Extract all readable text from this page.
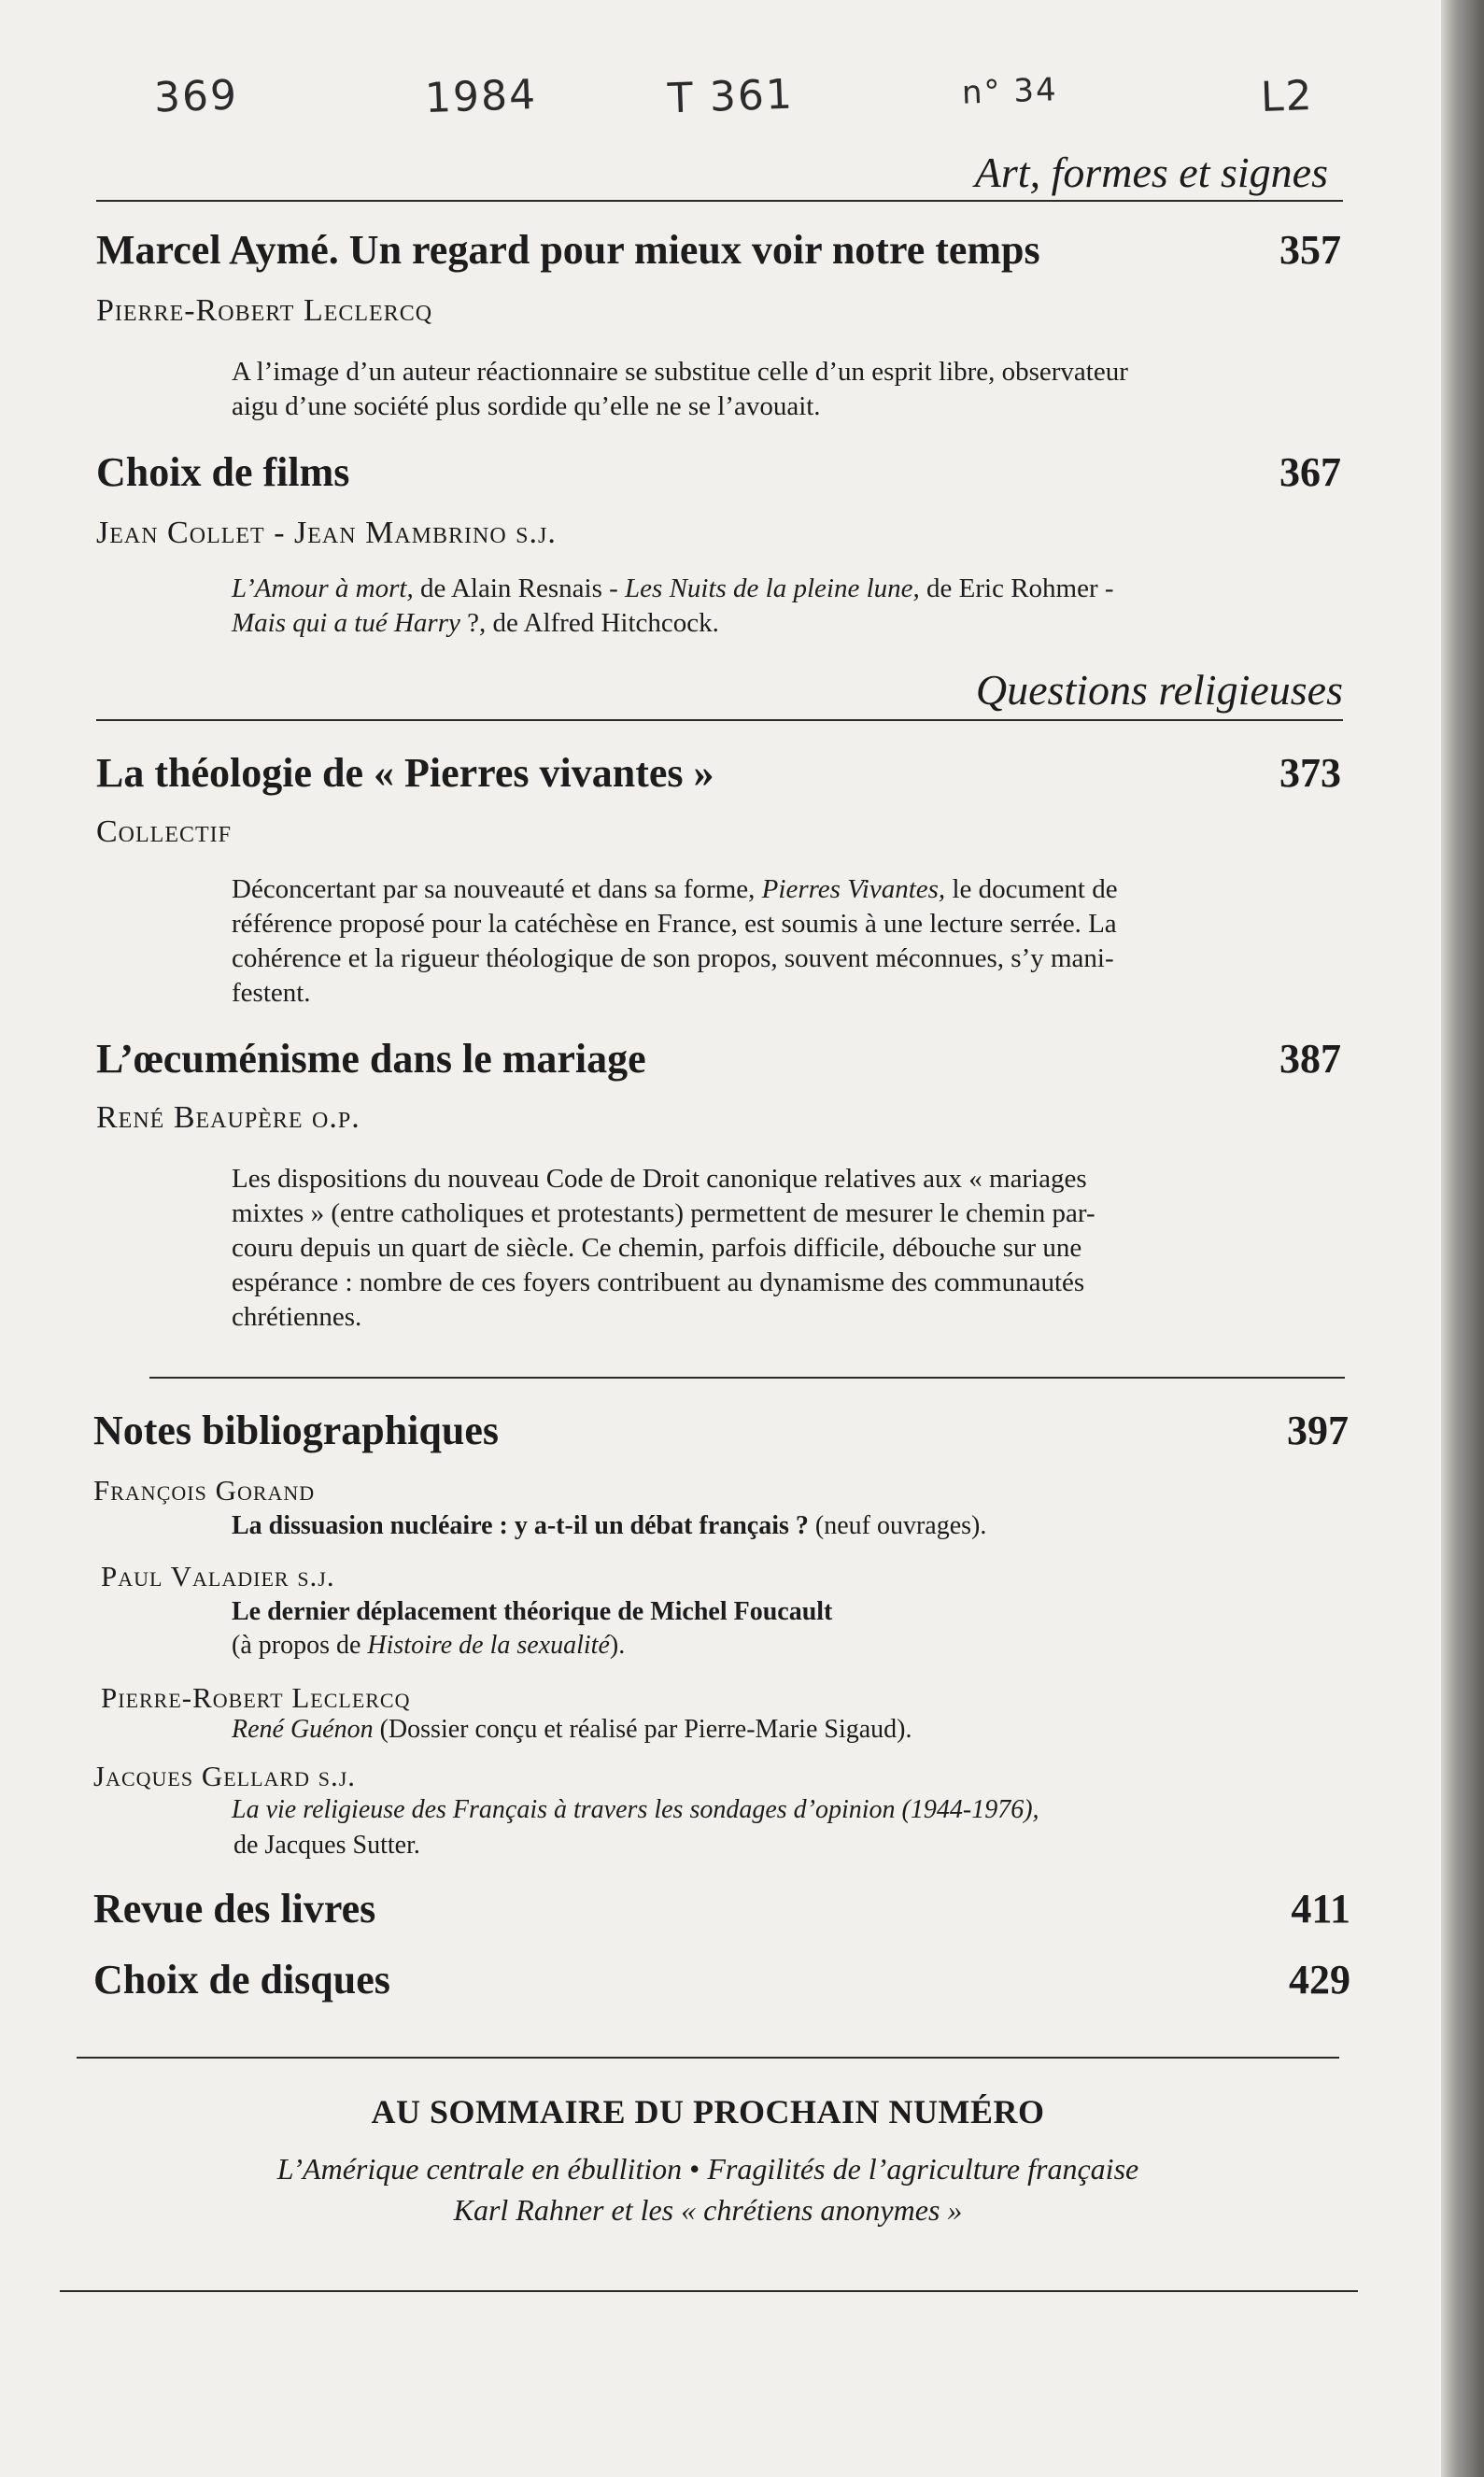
369	1984	T 361	n° 34	L2
Art, formes et signes
Marcel Aymé. Un regard pour mieux voir notre temps	357
Pierre-Robert Leclercq
A l’image d’un auteur réactionnaire se substitue celle d’un esprit libre, observateur
aigu d’une société plus sordide qu’elle ne se l’avouait.
Choix de films	367
Jean Collet - Jean Mambrino s.j.
L’Amour à mort, de Alain Resnais - Les Nuits de la pleine lune, de Eric Rohmer -
Mais qui a tué Harry ?, de Alfred Hitchcock.
Questions religieuses
La théologie de « Pierres vivantes »	373
Collectif
Déconcertant par sa nouveauté et dans sa forme, Pierres Vivantes, le document de
référence proposé pour la catéchèse en France, est soumis à une lecture serrée. La
cohérence et la rigueur théologique de son propos, souvent méconnues, s’y mani-
festent.
L’œcuménisme dans le mariage	387
René Beaupère o.p.
Les dispositions du nouveau Code de Droit canonique relatives aux « mariages
mixtes » (entre catholiques et protestants) permettent de mesurer le chemin par-
couru depuis un quart de siècle. Ce chemin, parfois difficile, débouche sur une
espérance : nombre de ces foyers contribuent au dynamisme des communautés
chrétiennes.
Notes bibliographiques	397
François Gorand
La dissuasion nucléaire : y a-t-il un débat français ? (neuf ouvrages).
Paul Valadier s.j.
Le dernier déplacement théorique de Michel Foucault
(à propos de Histoire de la sexualité).
Pierre-Robert Leclercq
René Guénon (Dossier conçu et réalisé par Pierre-Marie Sigaud).
Jacques Gellard s.j.
La vie religieuse des Français à travers les sondages d’opinion (1944-1976),
de Jacques Sutter.
Revue des livres	411
Choix de disques	429
AU SOMMAIRE DU PROCHAIN NUMÉRO
L’Amérique centrale en ébullition • Fragilités de l’agriculture française
Karl Rahner et les « chrétiens anonymes »
